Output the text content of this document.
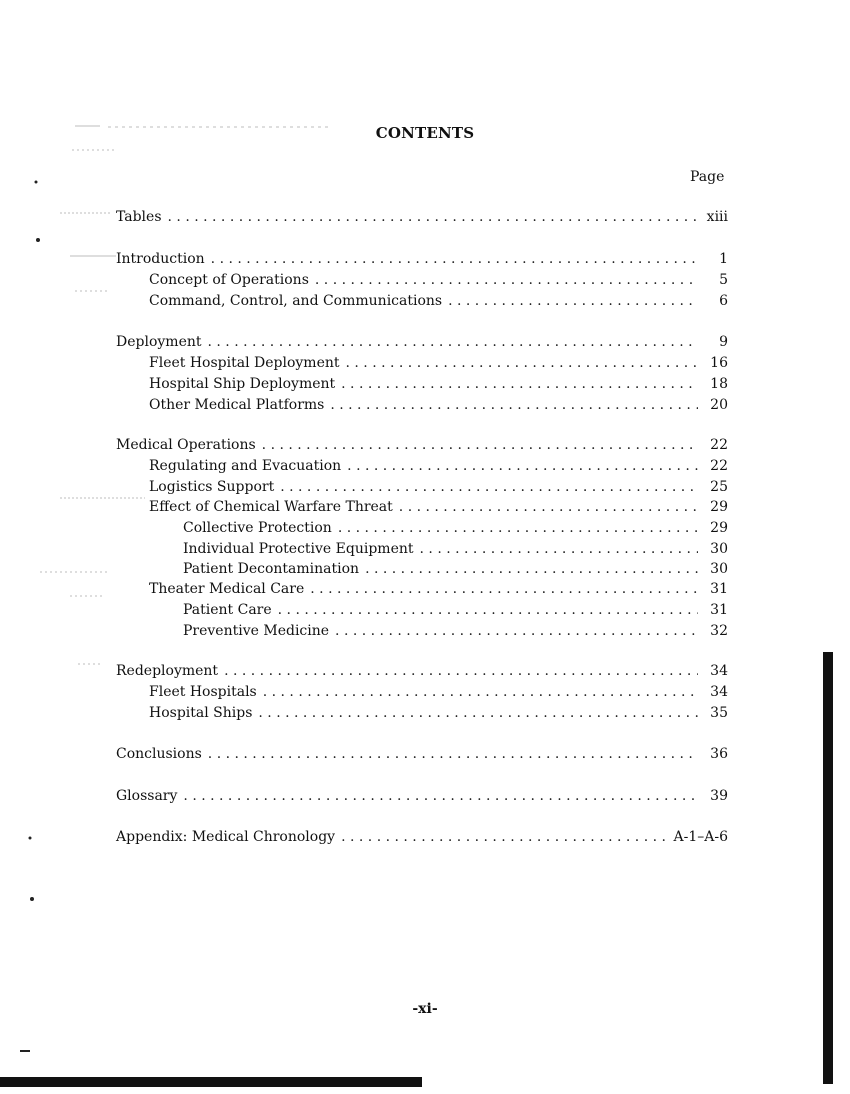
CONTENTS
Page
Tables . . .	xiii
Introduction . . .	1
Concept of Operations . . .	5
Command, Control, and Communications . . .	6
Deployment . . .	9
Fleet Hospital Deployment . . .	16
Hospital Ship Deployment . . .	18
Other Medical Platforms . . .	20
Medical Operations . . .	22
Regulating and Evacuation . . .	22
Logistics Support . . .	25
Effect of Chemical Warfare Threat . . .	29
Collective Protection . . .	29
Individual Protective Equipment . . .	30
Patient Decontamination . . .	30
Theater Medical Care . . .	31
Patient Care . . .	31
Preventive Medicine . . .	32
Redeployment . . .	34
Fleet Hospitals . . .	34
Hospital Ships . . .	35
Conclusions . . .	36
Glossary . . .	39
Appendix: Medical Chronology . . .	A-1–A-6
-xi-
